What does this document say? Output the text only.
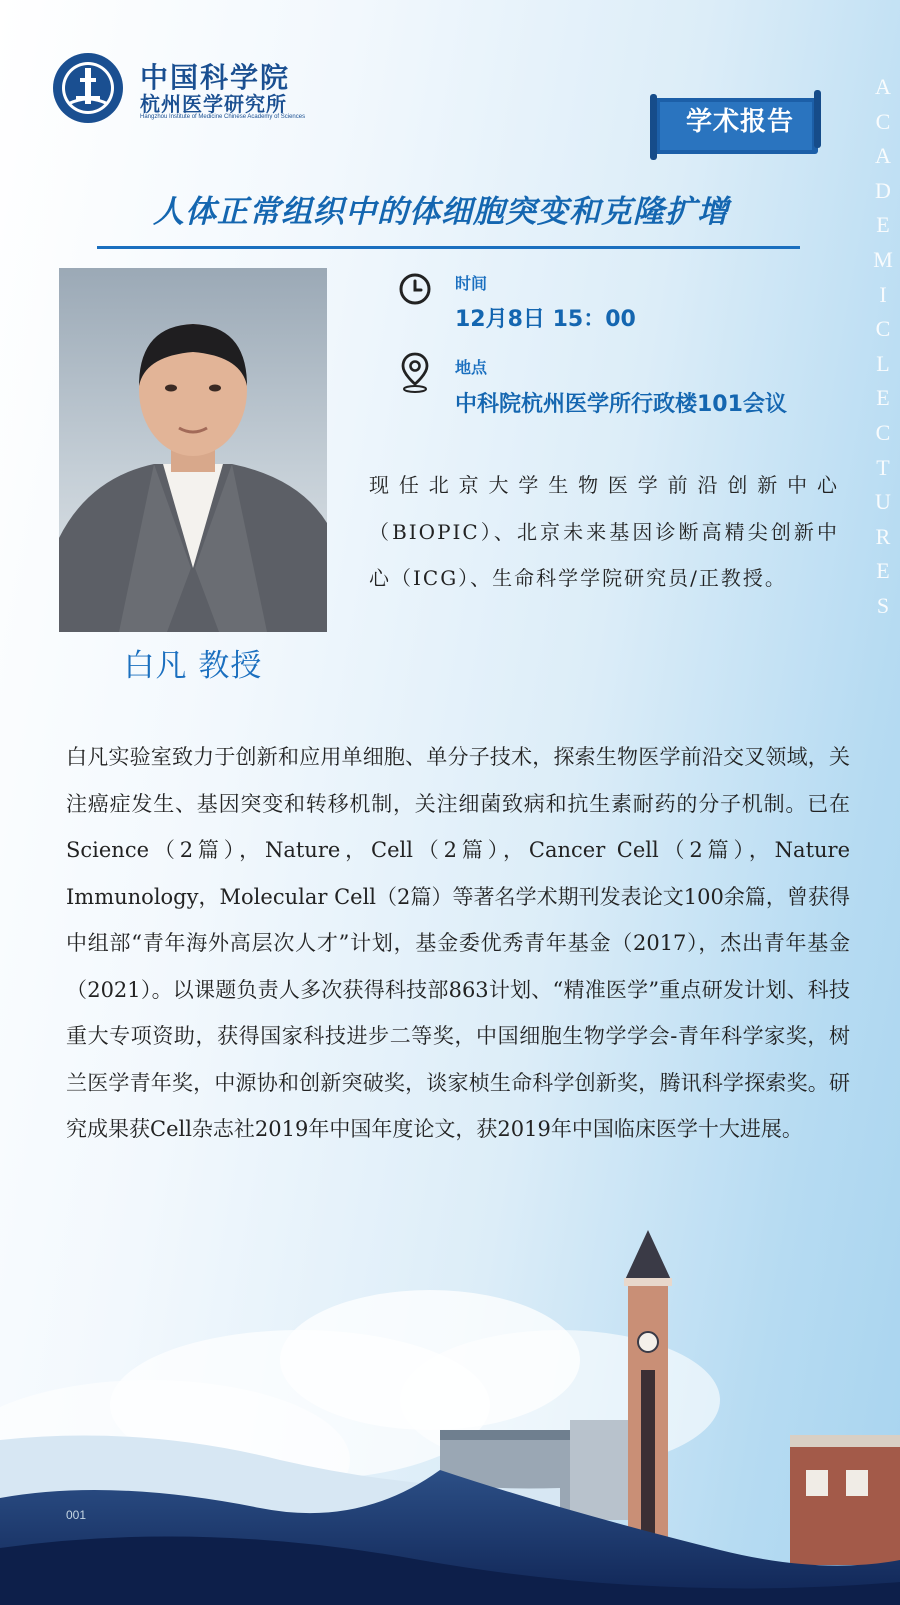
中国科学院
杭州医学研究所
Hangzhou Institute of Medicine Chinese Academy of Sciences	学术报告
A
C
A
D
E
M
I
C
L
E
C
T
U
R
E
S
人体正常组织中的体细胞突变和克隆扩增
白凡 教授
时间
12月8日 15：00
地点
中科院杭州医学所行政楼101会议
现任北京大学生物医学前沿创新中心（BIOPIC）、北京未来基因诊断高精尖创新中心（ICG）、生命科学学院研究员/正教授。
白凡实验室致力于创新和应用单细胞、单分子技术，探索生物医学前沿交叉领域，关注癌症发生、基因突变和转移机制，关注细菌致病和抗生素耐药的分子机制。已在Science（2篇），Nature，Cell（2篇），Cancer Cell（2篇），Nature Immunology，Molecular Cell（2篇）等著名学术期刊发表论文100余篇，曾获得中组部“青年海外高层次人才”计划，基金委优秀青年基金（2017），杰出青年基金（2021）。以课题负责人多次获得科技部863计划、“精准医学”重点研发计划、科技重大专项资助，获得国家科技进步二等奖，中国细胞生物学学会-青年科学家奖，树兰医学青年奖，中源协和创新突破奖，谈家桢生命科学创新奖，腾讯科学探索奖。研究成果获Cell杂志社2019年中国年度论文，获2019年中国临床医学十大进展。
001
